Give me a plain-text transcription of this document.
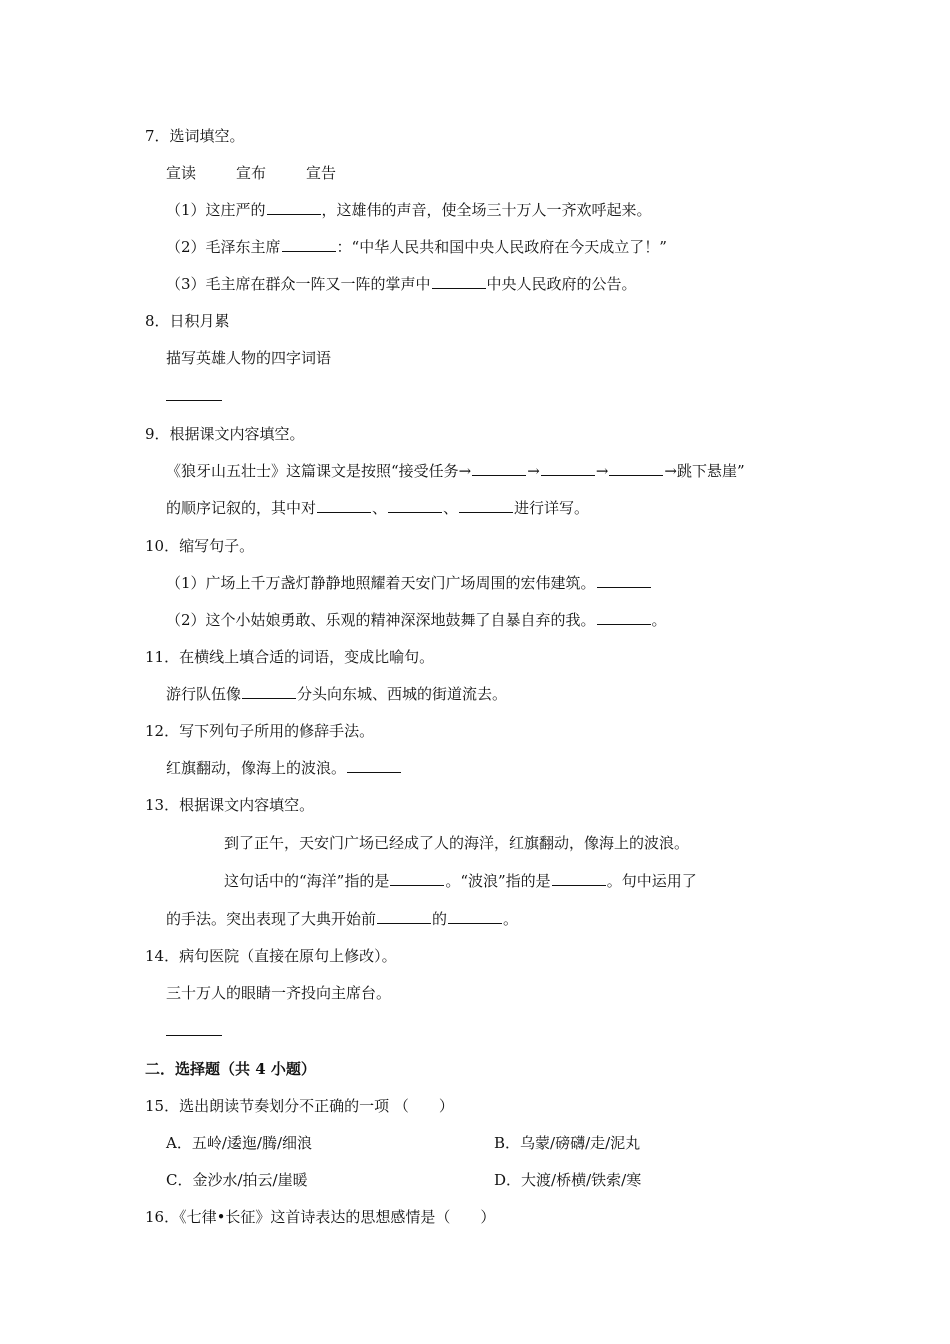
7．选词填空。
宣读	宣布	宣告
（1）这庄严的	，这雄伟的声音，使全场三十万人一齐欢呼起来。
（2）毛泽东主席	：“中华人民共和国中央人民政府在今天成立了！”
（3）毛主席在群众一阵又一阵的掌声中	中央人民政府的公告。
8．日积月累
描写英雄人物的四字词语
9．根据课文内容填空。
《狼牙山五壮士》这篇课文是按照“接受任务→	→	→	→跳下悬崖”
的顺序记叙的，其中对	、	、	进行详写。
10．缩写句子。
（1）广场上千万盏灯静静地照耀着天安门广场周围的宏伟建筑。
（2）这个小姑娘勇敢、乐观的精神深深地鼓舞了自暴自弃的我。	。
11．在横线上填合适的词语，变成比喻句。
游行队伍像	分头向东城、西城的街道流去。
12．写下列句子所用的修辞手法。
红旗翻动，像海上的波浪。
13．根据课文内容填空。
到了正午，天安门广场已经成了人的海洋，红旗翻动，像海上的波浪。
这句话中的“海洋”指的是	。“波浪”指的是	。句中运用了
的手法。突出表现了大典开始前	的	。
14．病句医院（直接在原句上修改）。
三十万人的眼睛一齐投向主席台。
二．选择题（共 4 小题）
15．选出朗读节奏划分不正确的一项 （　　）
A．五岭/逶迤/腾/细浪	B．乌蒙/磅礴/走/泥丸
C．金沙水/拍云/崖暖	D．大渡/桥横/铁索/寒
16．《七律•长征》这首诗表达的思想感情是（　　）
